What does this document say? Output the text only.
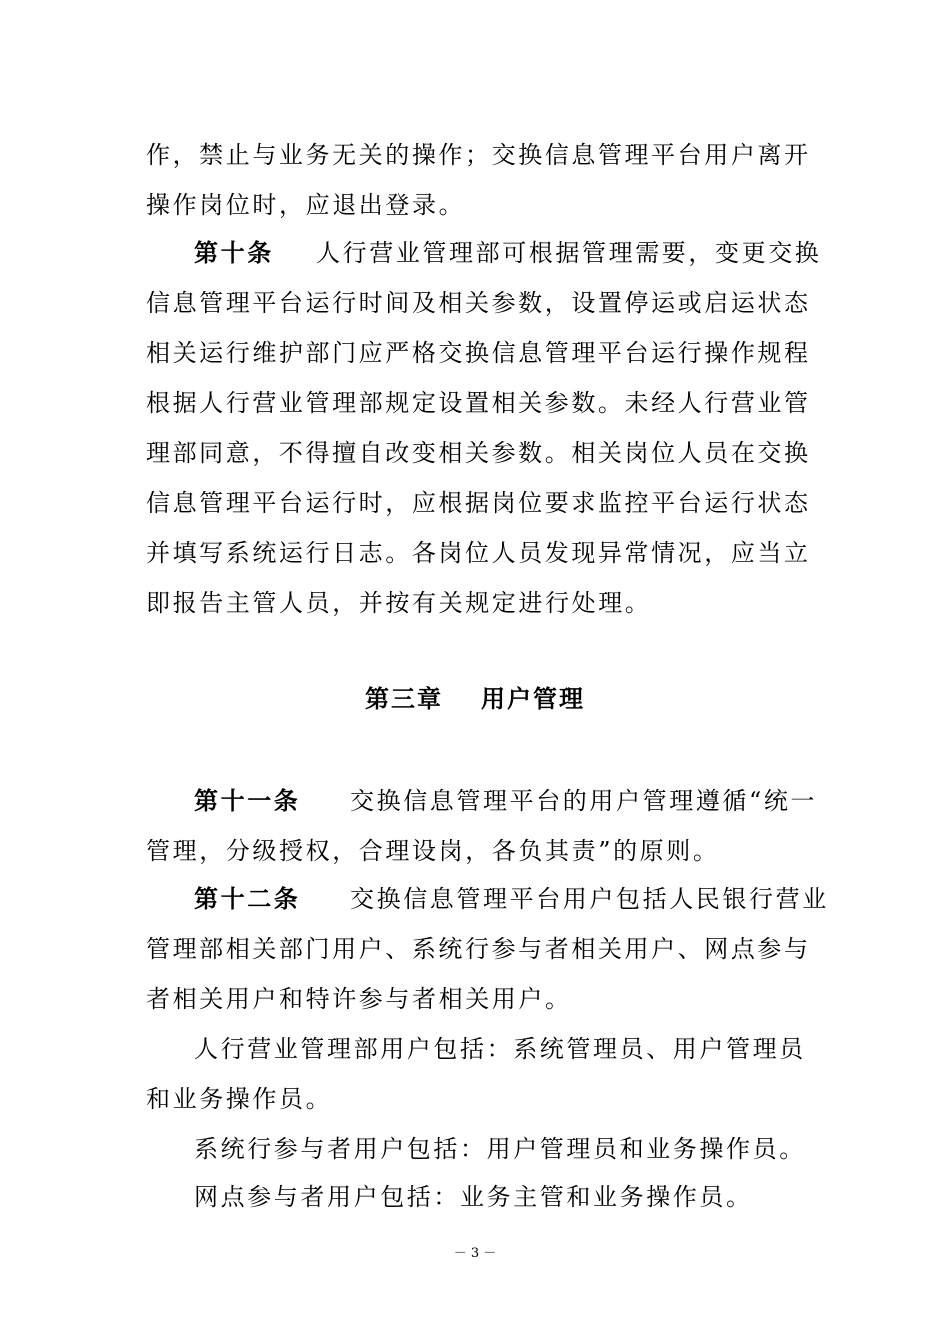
作，禁止与业务无关的操作；交换信息管理平台用户离开
操作岗位时，应退出登录。
第十条 人行营业管理部可根据管理需要，变更交换
信息管理平台运行时间及相关参数，设置停运或启运状态
相关运行维护部门应严格交换信息管理平台运行操作规程
根据人行营业管理部规定设置相关参数。未经人行营业管
理部同意，不得擅自改变相关参数。相关岗位人员在交换
信息管理平台运行时，应根据岗位要求监控平台运行状态
并填写系统运行日志。各岗位人员发现异常情况，应当立
即报告主管人员，并按有关规定进行处理。
第三章 用户管理
第十一条 交换信息管理平台的用户管理遵循“统一
管理，分级授权，合理设岗，各负其责”的原则。
第十二条 交换信息管理平台用户包括人民银行营业
管理部相关部门用户、系统行参与者相关用户、网点参与
者相关用户和特许参与者相关用户。
人行营业管理部用户包括：系统管理员、用户管理员
和业务操作员。
系统行参与者用户包括：用户管理员和业务操作员。
网点参与者用户包括：业务主管和业务操作员。
－ 3 －
